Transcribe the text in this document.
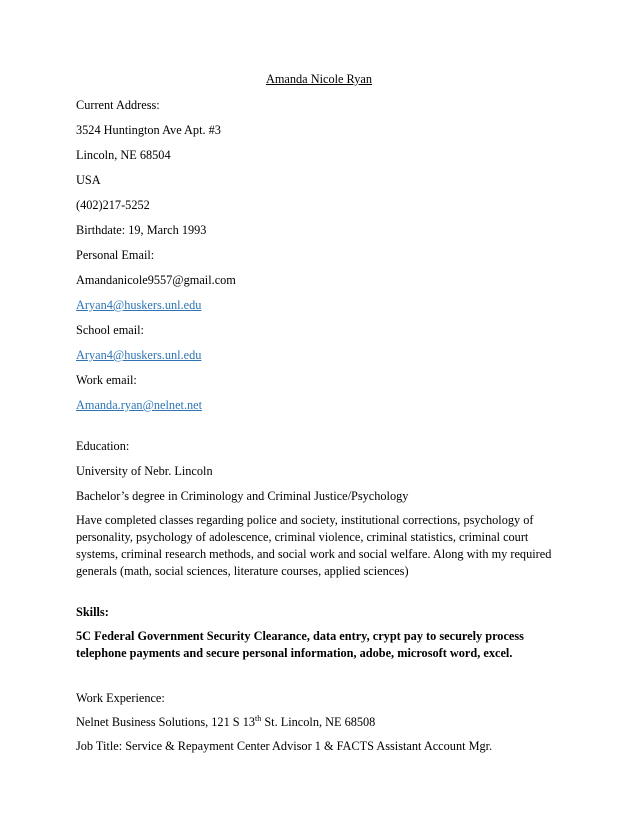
Amanda Nicole Ryan
Current Address:
3524 Huntington Ave Apt. #3
Lincoln, NE 68504
USA
(402)217-5252
Birthdate: 19, March 1993
Personal Email:
Amandanicole9557@gmail.com
Aryan4@huskers.unl.edu
School email:
Aryan4@huskers.unl.edu
Work email:
Amanda.ryan@nelnet.net
Education:
University of Nebr. Lincoln
Bachelor’s degree in Criminology and Criminal Justice/Psychology
Have completed classes regarding police and society, institutional corrections, psychology of
personality, psychology of adolescence, criminal violence, criminal statistics, criminal court
systems, criminal research methods, and social work and social welfare. Along with my required
generals (math, social sciences, literature courses, applied sciences)
Skills:
5C Federal Government Security Clearance, data entry, crypt pay to securely process
telephone payments and secure personal information, adobe, microsoft word, excel.
Work Experience:
Nelnet Business Solutions, 121 S 13th St. Lincoln, NE 68508
Job Title: Service & Repayment Center Advisor 1 & FACTS Assistant Account Mgr.
